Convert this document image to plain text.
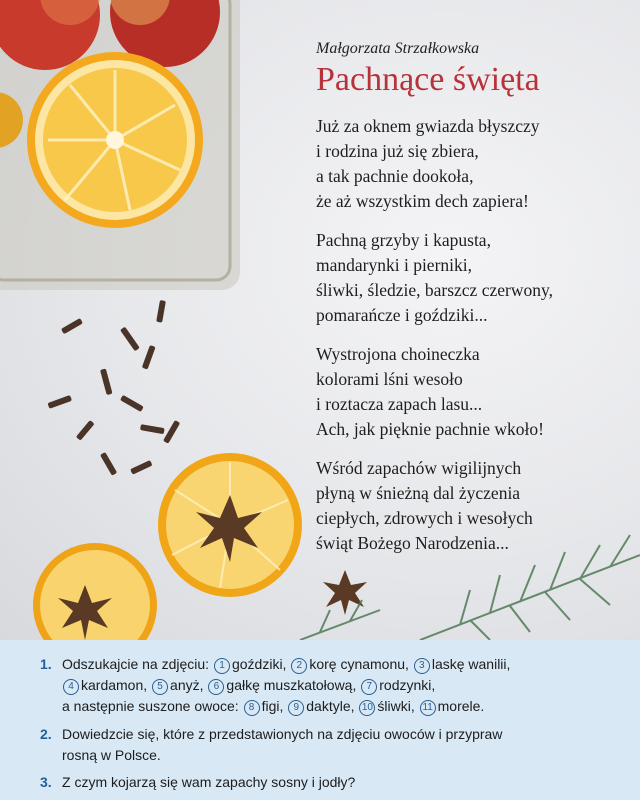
Małgorzata Strzałkowska
Pachnące święta
Już za oknem gwiazda błyszczy
i rodzina już się zbiera,
a tak pachnie dookoła,
że aż wszystkim dech zapiera!
Pachną grzyby i kapusta,
mandarynki i pierniki,
śliwki, śledzie, barszcz czerwony,
pomarańcze i goździki...
Wystrojona choineczka
kolorami lśni wesoło
i roztacza zapach lasu...
Ach, jak pięknie pachnie wkoło!
Wśród zapachów wigilijnych
płyną w śnieżną dal życzenia
ciepłych, zdrowych i wesołych
świąt Bożego Narodzenia...
1. Odszukajcie na zdjęciu: 1 goździki, 2 korę cynamonu, 3 laskę wanilii,
4 kardamon, 5 anyż, 6 gałkę muszkatołową, 7 rodzynki,
a następnie suszone owoce: 8 figi, 9 daktyle, 10 śliwki, 11 morele.
2. Dowiedzcie się, które z przedstawionych na zdjęciu owoców i przypraw
rosną w Polsce.
3. Z czym kojarzą się wam zapachy sosny i jodły?
